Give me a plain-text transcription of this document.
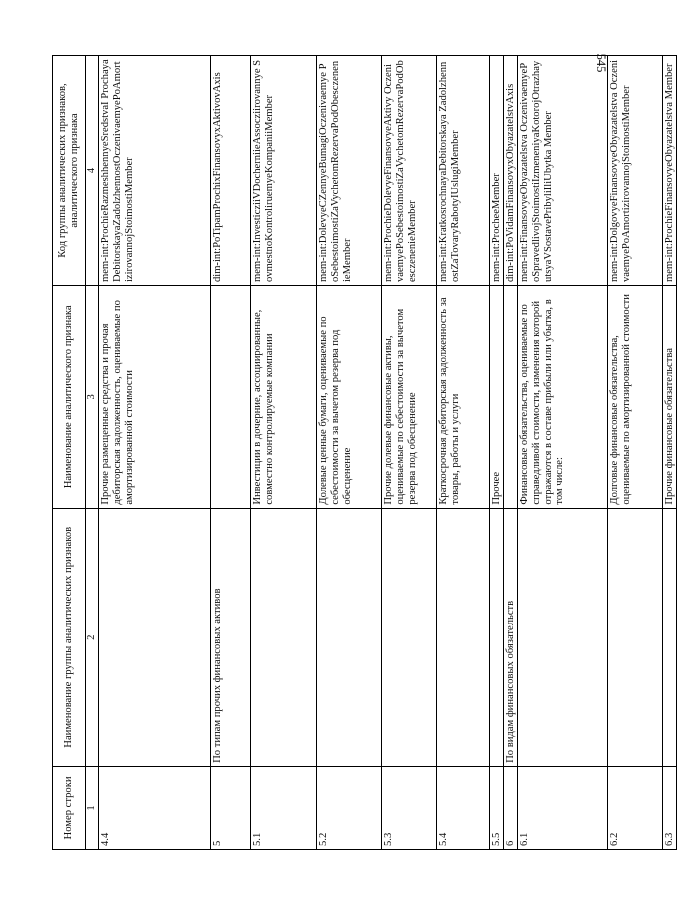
545
Номер строки	Наименование группы аналитических признаков	Наименование аналитического признака	Код группы аналитических признаков, аналитического признака
1	2	3	4
4.4		Прочие размещенные средства и прочая дебиторская задолженность, оцениваемые по амортизированной стоимости	mem-int:ProchieRazmeshhennyeSredstvaI ProchayaDebitorskayaZadolzhennostOczenivaemyePoAmortizirovannojStoimostiMember
5	По типам прочих финансовых активов		dim-int:PoTipamProchixFinansovyxAktivovAxis
5.1		Инвестиции в дочерние, ассоциированные, совместно контролируемые компании	mem-int:InvesticziiVDocherniieAssocziirovannye SovmestnoKontroliruemyeKompaniiMember
5.2		Долевые ценные бумаги, оцениваемые по себестоимости за вычетом резерва под обесценение	mem-int:DolevyeCZennyeBumagiOczenivaemye PoSebestoimostiZaVychetomRezervaPodObesczeneniеMember
5.3		Прочие долевые финансовые активы, оцениваемые по себестоимости за вычетом резерва под обесценение	mem-int:ProchieDolevyeFinansovyeAktivy OczenivaemyePoSebestoimostiZaVychetomRezervaPodObesczenenieMember
5.4		Краткосрочная дебиторская задолженность за товары, работы и услуги	mem-int:KratkosrochnayaDebitorskaya ZadolzhennostZaTovaryRabotyIUslugiMember
5.5		Прочее	mem-int:ProcheeMember
6	По видам финансовых обязательств		dim-int:PoVidamFinansovyxObyazatelstvAxis
6.1		Финансовые обязательства, оцениваемые по справедливой стоимости, изменения которой отражаются в составе прибыли или убытка, в том числе:	mem-int:FinansovyeObyazatelstva OczenivaemyePoSpravedlivojStoimostiIzmeneniyaKotorojOtrazhayutsyaVSostavePribyliIliUbytka Member
6.2		Долговые финансовые обязательства, оцениваемые по амортизированной стоимости	mem-int:DolgovyeFinansovyeObyazatelstva OczenivaemyePoAmortizirovannojStoimostiMember
6.3		Прочие финансовые обязательства	mem-int:ProchieFinansovyeObyazatelstva Member
